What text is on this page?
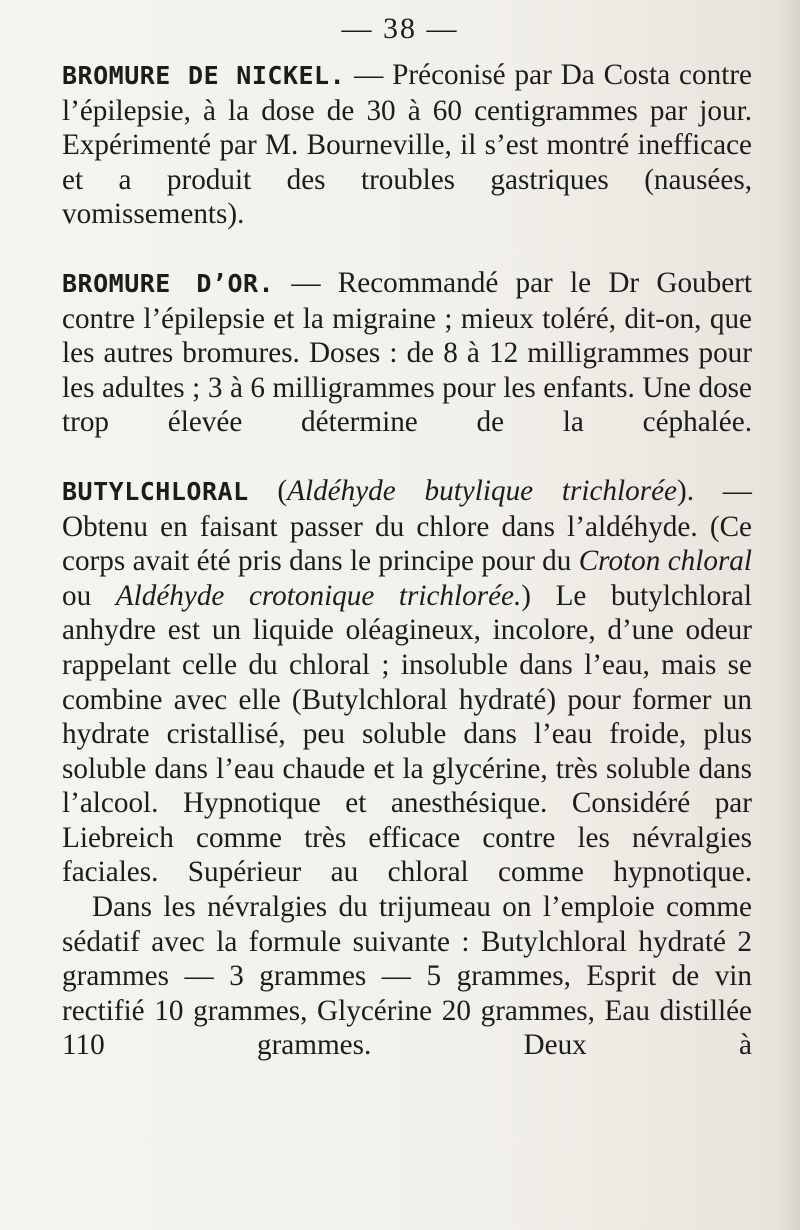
— 38 —

BROMURE DE NICKEL. — Préconisé par Da Costa contre l’épilepsie, à la dose de 30 à 60 centigrammes par jour. Expérimenté par M. Bourneville, il s’est montré inefficace et a produit des troubles gastriques (nausées, vomissements).

BROMURE D’OR. — Recommandé par le Dr Goubert contre l’épilepsie et la migraine ; mieux toléré, dit-on, que les autres bromures. Doses : de 8 à 12 milligrammes pour les adultes ; 3 à 6 milligrammes pour les enfants. Une dose trop élevée détermine de la céphalée.

BUTYLCHLORAL (Aldéhyde butylique trichlorée). — Obtenu en faisant passer du chlore dans l’aldéhyde. (Ce corps avait été pris dans le principe pour du Croton chloral ou Aldéhyde crotonique trichlorée.) Le butylchloral anhydre est un liquide oléagineux, incolore, d’une odeur rappelant celle du chloral ; insoluble dans l’eau, mais se combine avec elle (Butylchloral hydraté) pour former un hydrate cristallisé, peu soluble dans l’eau froide, plus soluble dans l’eau chaude et la glycérine, très soluble dans l’alcool. Hypnotique et anesthésique. Considéré par Liebreich comme très efficace contre les névralgies faciales. Supérieur au chloral comme hypnotique.

Dans les névralgies du trijumeau on l’emploie comme sédatif avec la formule suivante : Butylchloral hydraté 2 grammes — 3 grammes — 5 grammes, Esprit de vin rectifié 10 grammes, Glycérine 20 grammes, Eau distillée 110 grammes. Deux à
